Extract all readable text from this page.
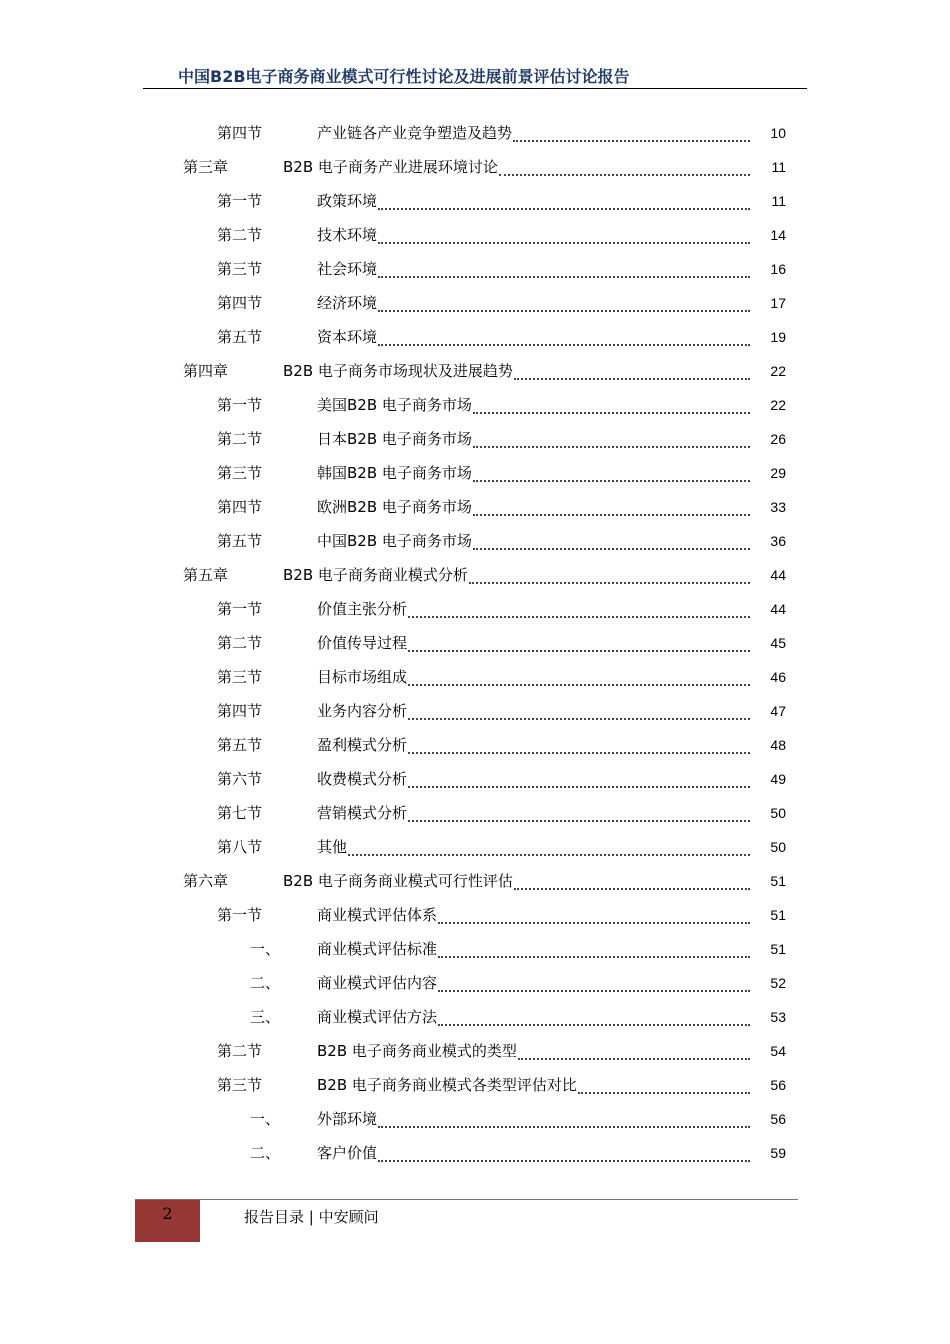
中国B2B电子商务商业模式可行性讨论及进展前景评估讨论报告
第四节	产业链各产业竞争塑造及趋势	10
第三章	B2B 电子商务产业进展环境讨论	11
第一节	政策环境	11
第二节	技术环境	14
第三节	社会环境	16
第四节	经济环境	17
第五节	资本环境	19
第四章	B2B 电子商务市场现状及进展趋势	22
第一节	美国B2B 电子商务市场	22
第二节	日本B2B 电子商务市场	26
第三节	韩国B2B 电子商务市场	29
第四节	欧洲B2B 电子商务市场	33
第五节	中国B2B 电子商务市场	36
第五章	B2B 电子商务商业模式分析	44
第一节	价值主张分析	44
第二节	价值传导过程	45
第三节	目标市场组成	46
第四节	业务内容分析	47
第五节	盈利模式分析	48
第六节	收费模式分析	49
第七节	营销模式分析	50
第八节	其他	50
第六章	B2B 电子商务商业模式可行性评估	51
第一节	商业模式评估体系	51
一、 商业模式评估标准	51
二、 商业模式评估内容	52
三、 商业模式评估方法	53
第二节	B2B 电子商务商业模式的类型	54
第三节	B2B 电子商务商业模式各类型评估对比	56
一、 外部环境	56
二、 客户价值	59
2	报告目录 | 中安顾问
